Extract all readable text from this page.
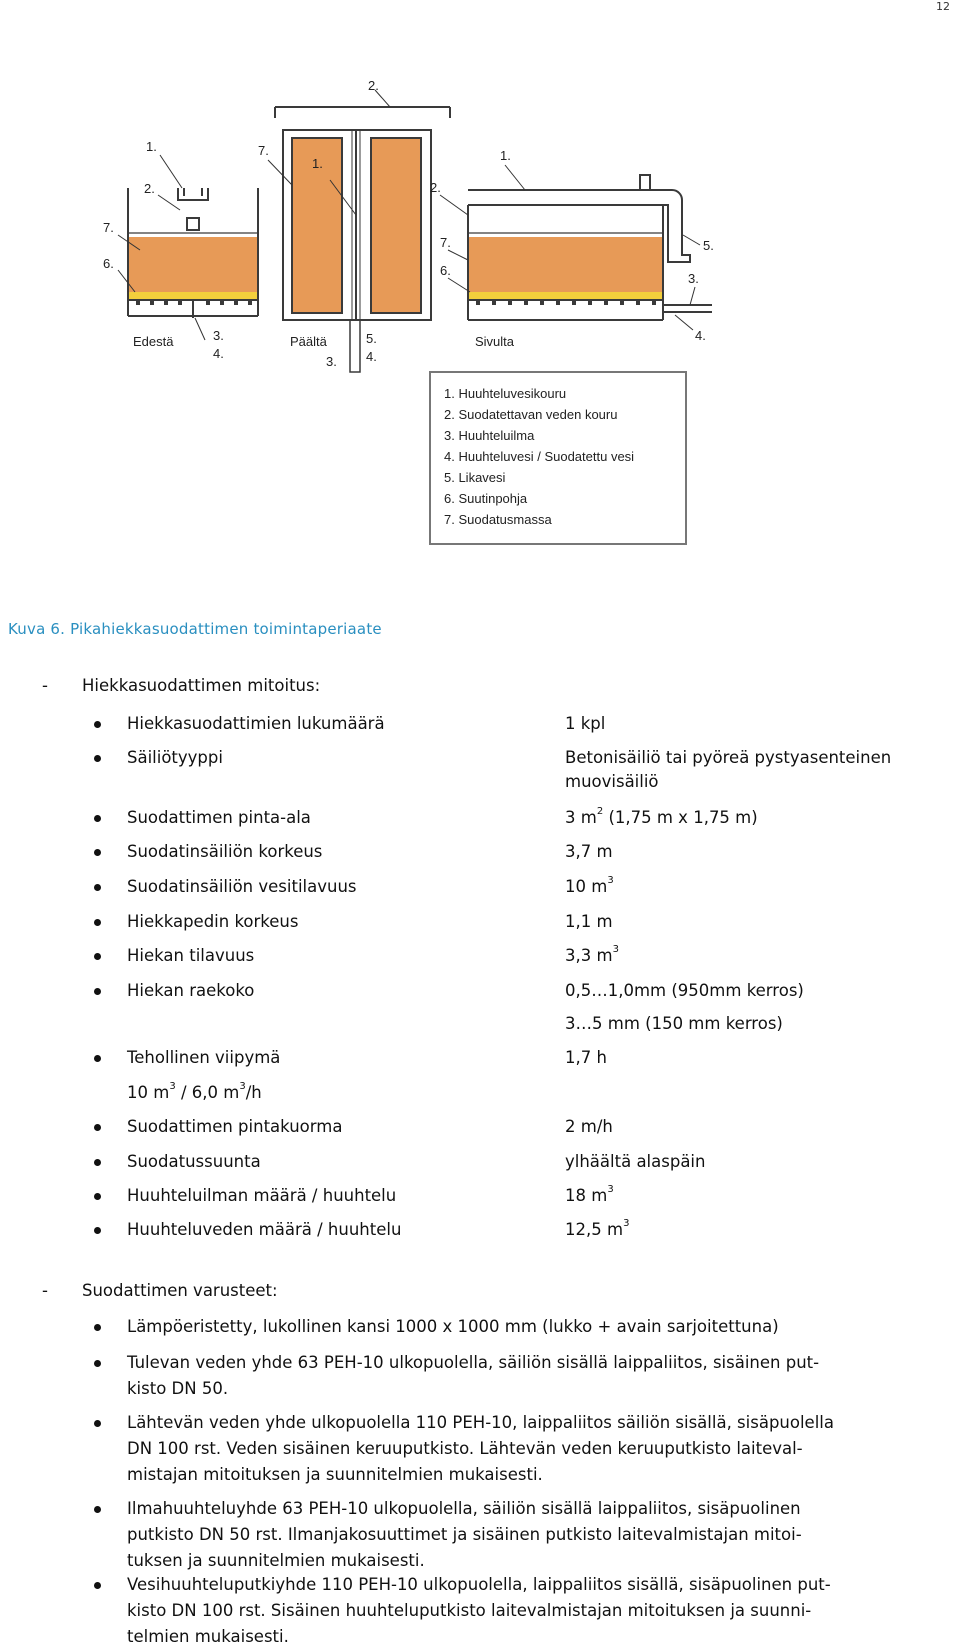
12
1.
2.
7.
6.
3.
4.
2.
7.
1.
5.
4.
3.
1.
2.
7.
6.
5.
3.
4.
Edestä	Päältä	Sivulta
1. Huuhteluvesikouru
2. Suodatettavan veden kouru
3. Huuhteluilma
4. Huuhteluvesi / Suodatettu vesi
5. Likavesi
6. Suutinpohja
7. Suodatusmassa
Kuva 6. Pikahiekkasuodattimen toimintaperiaate
- Hiekkasuodattimen mitoitus:
Hiekkasuodattimien lukumäärä	1 kpl
Säiliötyyppi	Betonisäiliö tai pyöreä pystyasenteinen
muovisäiliö
Suodattimen pinta-ala	3 $m^2$ (1,75 m x 1,75 m)
Suodatinsäiliön korkeus	3,7 m
Suodatinsäiliön vesitilavuus	10 $m^3$
Hiekkapedin korkeus	1,1 m
Hiekan tilavuus	3,3 $m^3$
Hiekan raekoko	0,5…1,0mm (950mm kerros)
3…5 mm (150 mm kerros)
Tehollinen viipymä	1,7 h
10 $m^3 / 6,0$ $m^3/h$
Suodattimen pintakuorma	2 m/h
Suodatussuunta	ylhäältä alaspäin
Huuhteluilman määrä / huuhtelu	18 $m^3$
Huuhteluveden määrä / huuhtelu	12,5 $m^3$
- Suodattimen varusteet:
Lämpöeristetty, lukollinen kansi 1000 x 1000 mm (lukko + avain sarjoitettuna)
Tulevan veden yhde 63 PEH-10 ulkopuolella, säiliön sisällä laippaliitos, sisäinen put-
kisto DN 50.
Lähtevän veden yhde ulkopuolella 110 PEH-10, laippaliitos säiliön sisällä, sisäpuolella
DN 100 rst. Veden sisäinen keruuputkisto. Lähtevän veden keruuputkisto laiteval-
mistajan mitoituksen ja suunnitelmien mukaisesti.
Ilmahuuhteluyhde 63 PEH-10 ulkopuolella, säiliön sisällä laippaliitos, sisäpuolinen
putkisto DN 50 rst. Ilmanjakosuuttimet ja sisäinen putkisto laitevalmistajan mitoi-
tuksen ja suunnitelmien mukaisesti.
Vesihuuhteluputkiyhde 110 PEH-10 ulkopuolella, laippaliitos sisällä, sisäpuolinen put-
kisto DN 100 rst. Sisäinen huuhteluputkisto laitevalmistajan mitoituksen ja suunni-
telmien mukaisesti.
